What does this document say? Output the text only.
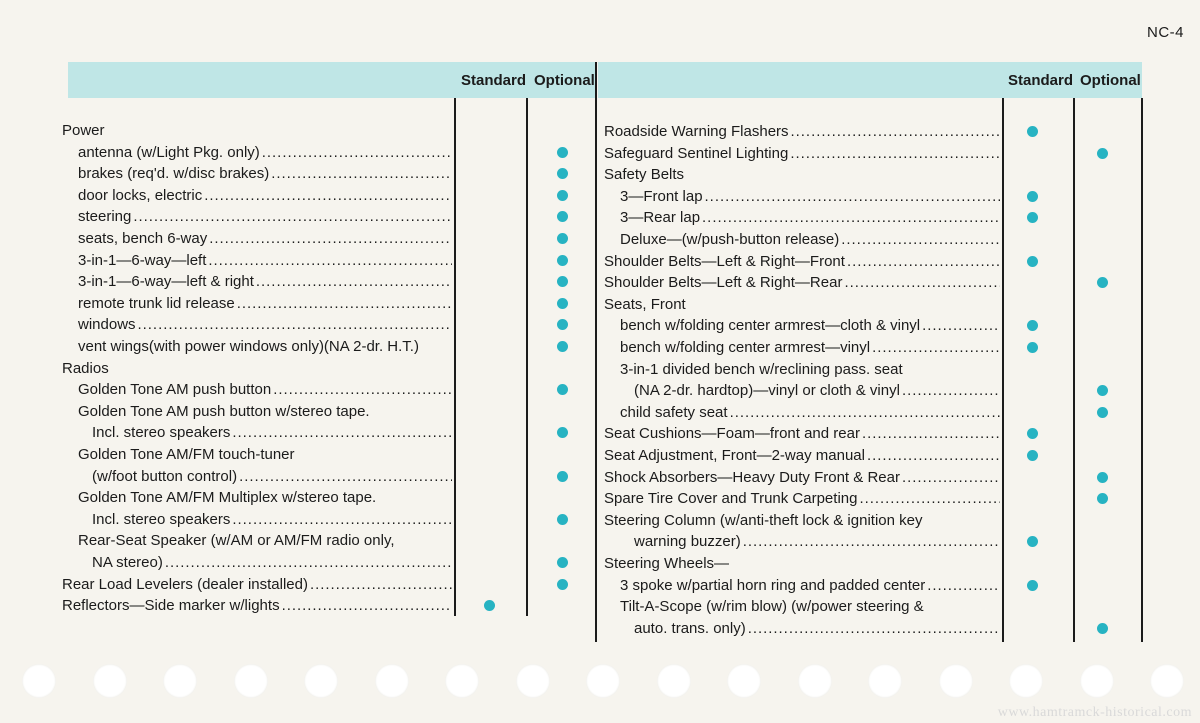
NC-4
Standard Optional	Standard Optional
Power
antenna (w/Light Pkg. only)
. . .
brakes (req'd. w/disc brakes)
. . .
door locks, electric
. . .
steering
. . .
seats, bench 6-way
. . .
3-in-1—6-way—left
. . .
3-in-1—6-way—left & right
. . .
remote trunk lid release
. . .
windows
. . .
vent wings(with power windows only)(NA 2-dr. H.T.)
Radios
Golden Tone AM push button
. . .
Golden Tone AM push button w/stereo tape.
Incl. stereo speakers
. . .
Golden Tone AM/FM touch-tuner
(w/foot button control)
. . .
Golden Tone AM/FM Multiplex w/stereo tape.
Incl. stereo speakers
. . .
Rear-Seat Speaker (w/AM or AM/FM radio only,
NA stereo)
. . .
Rear Load Levelers (dealer installed)
. . .
Reflectors—Side marker w/lights
. . .
Roadside Warning Flashers
. . .
Safeguard Sentinel Lighting
. . .
Safety Belts
3—Front lap
. . .
3—Rear lap
. . .
Deluxe—(w/push-button release)
. . .
Shoulder Belts—Left & Right—Front
. . .
Shoulder Belts—Left & Right—Rear
. . .
Seats, Front
bench w/folding center armrest—cloth & vinyl
. . .
bench w/folding center armrest—vinyl
. . .
3-in-1 divided bench w/reclining pass. seat
(NA 2-dr. hardtop)—vinyl or cloth & vinyl
. . .
child safety seat
. . .
Seat Cushions—Foam—front and rear
. . .
Seat Adjustment, Front—2-way manual
. . .
Shock Absorbers—Heavy Duty Front & Rear
. . .
Spare Tire Cover and Trunk Carpeting
. . .
Steering Column (w/anti-theft lock & ignition key
warning buzzer)
. . .
Steering Wheels—
3 spoke w/partial horn ring and padded center
. . .
Tilt-A-Scope (w/rim blow) (w/power steering &
auto. trans. only)
. . .
www.hamtramck-historical.com
